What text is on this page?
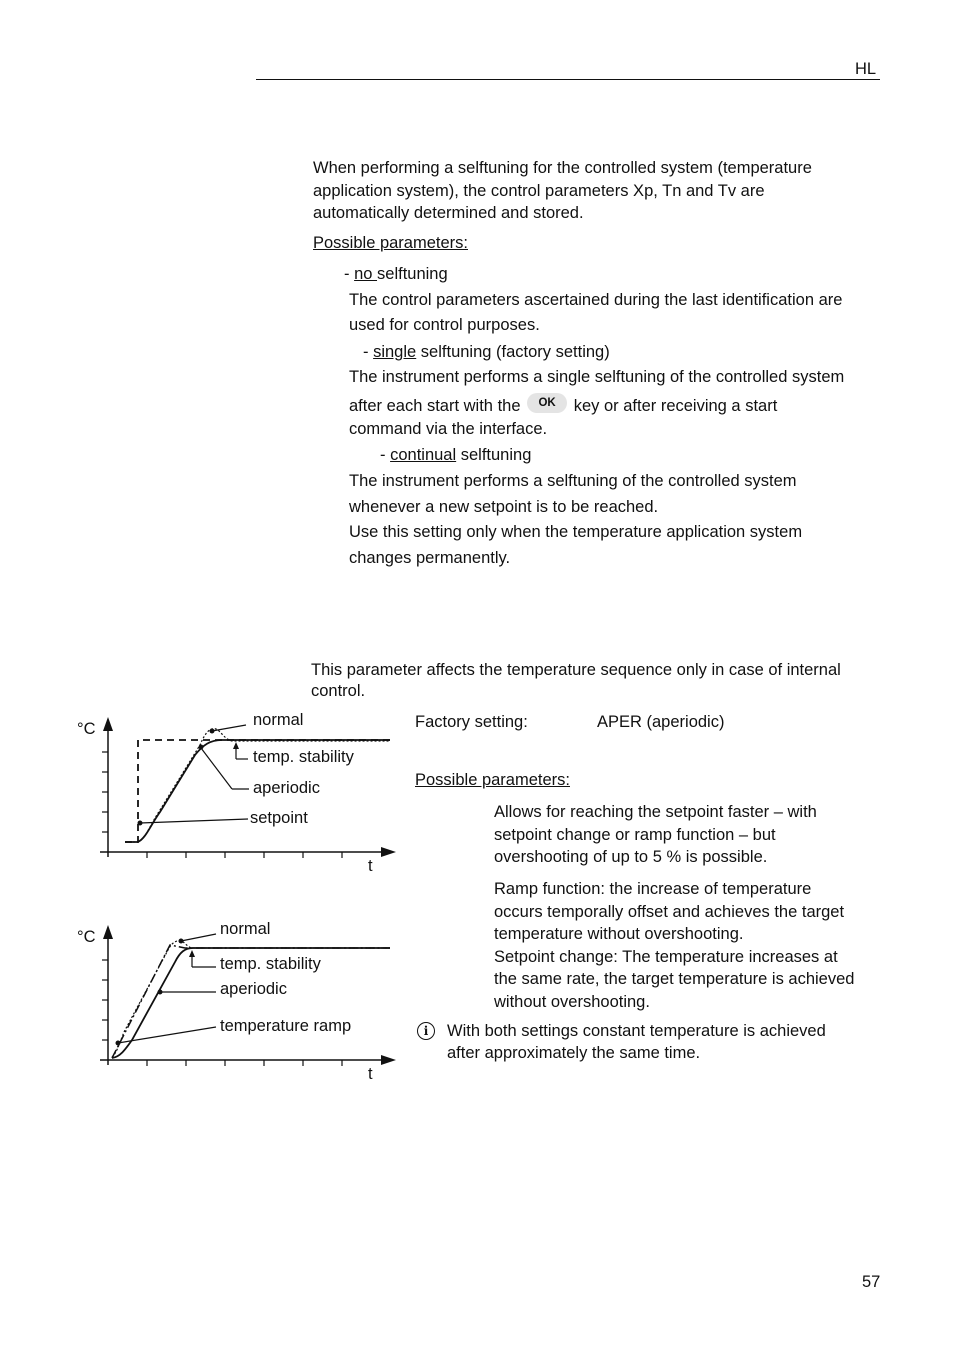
HL
When performing a selftuning for the controlled system (temperature
application system), the control parameters Xp, Tn and Tv are
automatically determined and stored.
Possible parameters:
- no selftuning
The control parameters ascertained during the last identification are
used for control purposes.
- single selftuning (factory setting)
The instrument performs a single selftuning of the controlled system
after each start with the OK key or after receiving a start
command via the interface.
- continual selftuning
The instrument performs a selftuning of the controlled system
whenever a new setpoint is to be reached.
Use this setting only when the temperature application system
changes permanently.
This parameter affects the temperature sequence only in case of internal
control.
Factory setting:	APER (aperiodic)
Possible parameters:
Allows for reaching the setpoint faster – with
setpoint change or ramp function – but
overshooting of up to 5 % is possible.
Ramp function: the increase of temperature
occurs temporally offset and achieves the target
temperature without overshooting.
Setpoint change: The temperature increases at
the same rate, the target temperature is achieved
without overshooting.
i	With both settings constant temperature is achieved
after approximately the same time.
°C
t
normal
temp. stability
aperiodic
setpoint
°C
t
normal
temp. stability
aperiodic
temperature ramp
57
